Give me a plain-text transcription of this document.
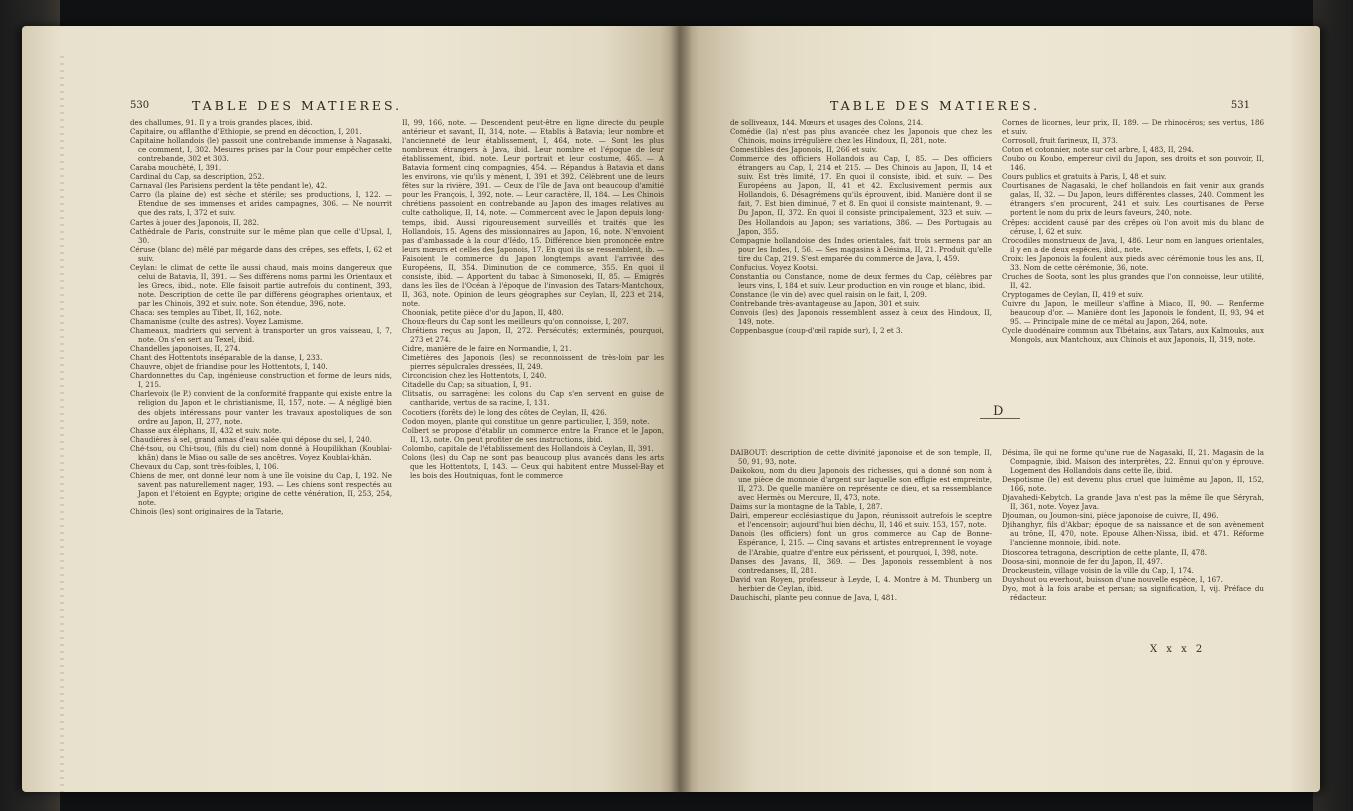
530	TABLE DES MATIERES.

des challumes, 91. Il y a trois grandes places, ibid.

Capitaire, ou afflanthe d'Ethiopie, se prend en décoction, I, 201.

Capitaine hollandois (le) passoit une contrebande immense à Nagasaki, ce comment, I, 302. Mesures prises par la Cour pour empêcher cette contrebande, 302 et 303.

Caraba mouchèté, I, 391.

Cardinal du Cap, sa description, 252.

Carnaval (les Parisiens perdent la tête pendant le), 42.

Carro (la plaine de) est sèche et stérile; ses productions, I, 122. — Etendue de ses immenses et arides campagnes, 306. — Ne nourrit que des rats, I, 372 et suiv.

Cartes à jouer des Japonois, II, 282.

Cathédrale de Paris, construite sur le même plan que celle d'Upsal, I, 30.

Céruse (blanc de) mêlé par mégarde dans des crêpes, ses effets, I, 62 et suiv.

Ceylan: le climat de cette île aussi chaud, mais moins dangereux que celui de Batavia, II, 391. — Ses différens noms parmi les Orientaux et les Grecs, ibid., note. Elle faisoit partie autrefois du continent, 393, note. Description de cette île par différens géographes orientaux, et par les Chinois, 392 et suiv. note. Son étendue, 396, note.

Chaca: ses temples au Tibet, II, 162, note.

Chamanisme (culte des astres). Voyez Lamisme.

Chameaux, madriers qui servent à transporter un gros vaisseau, I, 7, note. On s'en sert au Texel, ibid.

Chandelles japonoises, II, 274.

Chant des Hottentots inséparable de la danse, I, 233.

Chauvre, objet de friandise pour les Hottentots, I, 140.

Chardonnettes du Cap, ingénieuse construction et forme de leurs nids, I, 215.

Charlevoix (le P.) convient de la conformité frappante qui existe entre la religion du Japon et le christianisme, II, 157, note. — A négligé bien des objets intéressans pour vanter les travaux apostoliques de son ordre au Japon, II, 277, note.

Chasse aux éléphans, II, 432 et suiv. note.

Chaudières à sel, grand amas d'eau salée qui dépose du sel, I, 240.

Ché-tsou, ou Chi-tsou, (fils du ciel) nom donné à Houpilikhan (Koublai-khân) dans le Miao ou salle de ses ancêtres. Voyez Koublai-khân.

Chevaux du Cap, sont très-foibles, I, 106.

Chiens de mer, ont donné leur nom à une île voisine du Cap, I, 192. Ne savent pas naturellement nager, 193. — Les chiens sont respectés au Japon et l'étoient en Egypte; origine de cette vénération, II, 253, 254, note.

Chinois (les) sont originaires de la Tatarie,

II, 99, 166, note. — Descendent peut-être en ligne directe du peuple antérieur et savant, II, 314, note. — Etablis à Batavia; leur nombre et l'ancienneté de leur établissement, I, 464, note. — Sont les plus nombreux étrangers à Java, ibid. Leur nombre et l'époque de leur établissement, ibid. note. Leur portrait et leur costume, 465. — A Batavia forment cinq compagnies, 454. — Répandus à Batavia et dans les environs, vie qu'ils y mènent, I, 391 et 392. Célèbrent une de leurs fêtes sur la rivière, 391. — Ceux de l'île de Java ont beaucoup d'amitié pour les François, I, 392, note. — Leur caractère, II, 184. — Les Chinois chrétiens passoient en contrebande au Japon des images relatives au culte catholique, II, 14, note. — Commercent avec le Japon depuis long-temps, ibid. Aussi rigoureusement surveillés et traités que les Hollandois, 15. Agens des missionnaires au Japon, 16, note. N'envoient pas d'ambassade à la cour d'Iédo, 15. Différence bien prononcée entre leurs mœurs et celles des Japonois, 17. En quoi ils se ressemblent, ib. — Faisoient le commerce du Japon longtemps avant l'arrivée des Européens, II, 354. Diminution de ce commerce, 355. En quoi il consiste, ibid. — Apportent du tabac à Simonoseki, II, 85. — Emigrés dans les îles de l'Océan à l'époque de l'invasion des Tatars-Mantchoux, II, 363, note. Opinion de leurs géographes sur Ceylan, II, 223 et 214, note.

Chooniak, petite pièce d'or du Japon, II, 480.

Choux-fleurs du Cap sont les meilleurs qu'on connoisse, I, 207.

Chrétiens reçus au Japon, II, 272. Persécutés; exterminés, pourquoi, 273 et 274.

Cidre, manière de le faire en Normandie, I, 21.

Cimetières des Japonois (les) se reconnoissent de très-loin par les pierres sépulcrales dressées, II, 249.

Circoncision chez les Hottentots, I, 240.

Citadelle du Cap; sa situation, I, 91.

Clitsatis, ou sarragène: les colons du Cap s'en servent en guise de cantharide, vertus de sa racine, I, 131.

Cocotiers (forêts de) le long des côtes de Ceylan, II, 426.

Codon moyen, plante qui constitue un genre particulier, I, 359, note.

Colbert se propose d'établir un commerce entre la France et le Japon, II, 13, note. On peut profiter de ses instructions, ibid.

Colombo, capitale de l'établissement des Hollandois à Ceylan, II, 391.

Colons (les) du Cap ne sont pas beaucoup plus avancés dans les arts que les Hottentots, I, 143. — Ceux qui habitent entre Mussel-Bay et les bois des Houtniquas, font le commerce

TABLE DES MATIERES.	531

de solliveaux, 144. Mœurs et usages des Colons, 214.

Comédie (la) n'est pas plus avancée chez les Japonois que chez les Chinois, moins irrégulière chez les Hindoux, II, 281, note.

Comestibles des Japonois, II, 266 et suiv.

Commerce des officiers Hollandois au Cap, I, 85. — Des officiers étrangers au Cap, I, 214 et 215. — Des Chinois au Japon, II, 14 et suiv. Est très limité, 17. En quoi il consiste, ibid. et suiv. — Des Européens au Japon, II, 41 et 42. Exclusivement permis aux Hollandois, 6. Désagrémens qu'ils éprouvent, ibid. Manière dont il se fait, 7. Est bien diminué, 7 et 8. En quoi il consiste maintenant, 9. — Du Japon, II, 372. En quoi il consiste principalement, 323 et suiv. — Des Hollandois au Japon; ses variations, 386. — Des Portugais au Japon, 355.

Compagnie hollandoise des Indes orientales, fait trois sermens par an pour les Indes, I, 56. — Ses magasins à Désima, II, 21. Produit qu'elle tire du Cap, 219. S'est emparée du commerce de Java, I, 459.

Confucius. Voyez Kootsi.

Constantia ou Constance, nome de deux fermes du Cap, célèbres par leurs vins, I, 184 et suiv. Leur production en vin rouge et blanc, ibid.

Constance (le vin de) avec quel raisin on le fait, I, 209.

Contrebande très-avantageuse au Japon, 301 et suiv.

Convois (les) des Japonois ressemblent assez à ceux des Hindoux, II, 149, note.

Coppenbasgue (coup-d'œil rapide sur), I, 2 et 3.

Cornes de licornes, leur prix, II, 189. — De rhinocéros; ses vertus, 186 et suiv.

Corrosoll, fruit farineux, II, 373.

Coton et cotonnier, note sur cet arbre, I, 483, II, 294.

Coubo ou Koubo, empereur civil du Japon, ses droits et son pouvoir, II, 146.

Cours publics et gratuits à Paris, I, 48 et suiv.

Courtisanes de Nagasaki, le chef hollandois en fait venir aux grands galas, II, 32. — Du Japon, leurs différentes classes, 240. Comment les étrangers s'en procurent, 241 et suiv. Les courtisanes de Perse portent le nom du prix de leurs faveurs, 240, note.

Crêpes: accident causé par des crêpes où l'on avoit mis du blanc de céruse, I, 62 et suiv.

Crocodiles monstrueux de Java, I, 486. Leur nom en langues orientales, il y en a de deux espèces, ibid., note.

Croix: les Japonois la foulent aux pieds avec cérémonie tous les ans, II, 33. Nom de cette cérémonie, 36, note.

Cruches de Soota, sont les plus grandes que l'on connoisse, leur utilité, II, 42.

Cryptogames de Ceylan, II, 419 et suiv.

Cuivre du Japon, le meilleur s'affine à Miaco, II, 90. — Renferme beaucoup d'or. — Manière dont les Japonois le fondent, II, 93, 94 et 95. — Principale mine de ce métal au Japon, 264, note.

Cycle duodénaire commun aux Tibétains, aux Tatars, aux Kalmouks, aux Mongols, aux Mantchoux, aux Chinois et aux Japonois, II, 319, note.

D

DAIBOUT: description de cette divinité japonoise et de son temple, II, 50, 91, 93, note.

Daikokou, nom du dieu Japonois des richesses, qui a donné son nom à une pièce de monnoie d'argent sur laquelle son effigie est empreinte, II, 273. De quelle manière on représente ce dieu, et sa ressemblance avec Hermès ou Mercure, II, 473, note.

Daims sur la montagne de la Table, I, 287.

Dairi, empereur ecclésiastique du Japon, réunissoit autrefois le sceptre et l'encensoir; aujourd'hui bien déchu, II, 146 et suiv. 153, 157, note.

Danois (les officiers) font un gros commerce au Cap de Bonne-Espérance, I, 215. — Cinq savans et artistes entreprennent le voyage de l'Arabie, quatre d'entre eux périssent, et pourquoi, I, 398, note.

Danses des Javans, II, 369. — Des Japonois ressemblent à nos contredanses, II, 281.

David van Royen, professeur à Leyde, I, 4. Montre à M. Thunberg un herbier de Ceylan, ibid.

Dauchischi, plante peu connue de Java, I, 481.

Désima, île qui ne forme qu'une rue de Nagasaki, II, 21. Magasin de la Compagnie, ibid. Maison des interprètes, 22. Ennui qu'on y éprouve. Logement des Hollandois dans cette île, ibid.

Despotisme (le) est devenu plus cruel que luimême au Japon, II, 152, 166, note.

Djavahedi-Kebytch. La grande Java n'est pas la même île que Séryrah, II, 361, note. Voyez Java.

Djouman, ou Joumon-sini, pièce japonoise de cuivre, II, 496.

Djihanghyr, fils d'Akbar; époque de sa naissance et de son avènement au trône, II, 470, note. Epouse Alhen-Nissa, ibid. et 471. Réforme l'ancienne monnoie, ibid. note.

Dioscorea tetragona, description de cette plante, II, 478.

Doosa-sini, monnoie de fer du Japon, II, 497.

Drockeustein, village voisin de la ville du Cap, I, 174.

Duyshout ou everhout, buisson d'une nouvelle espèce, I, 167.

Dyo, mot à la fois arabe et persan; sa signification, I, vij. Préface du rédacteur.

X x x 2
